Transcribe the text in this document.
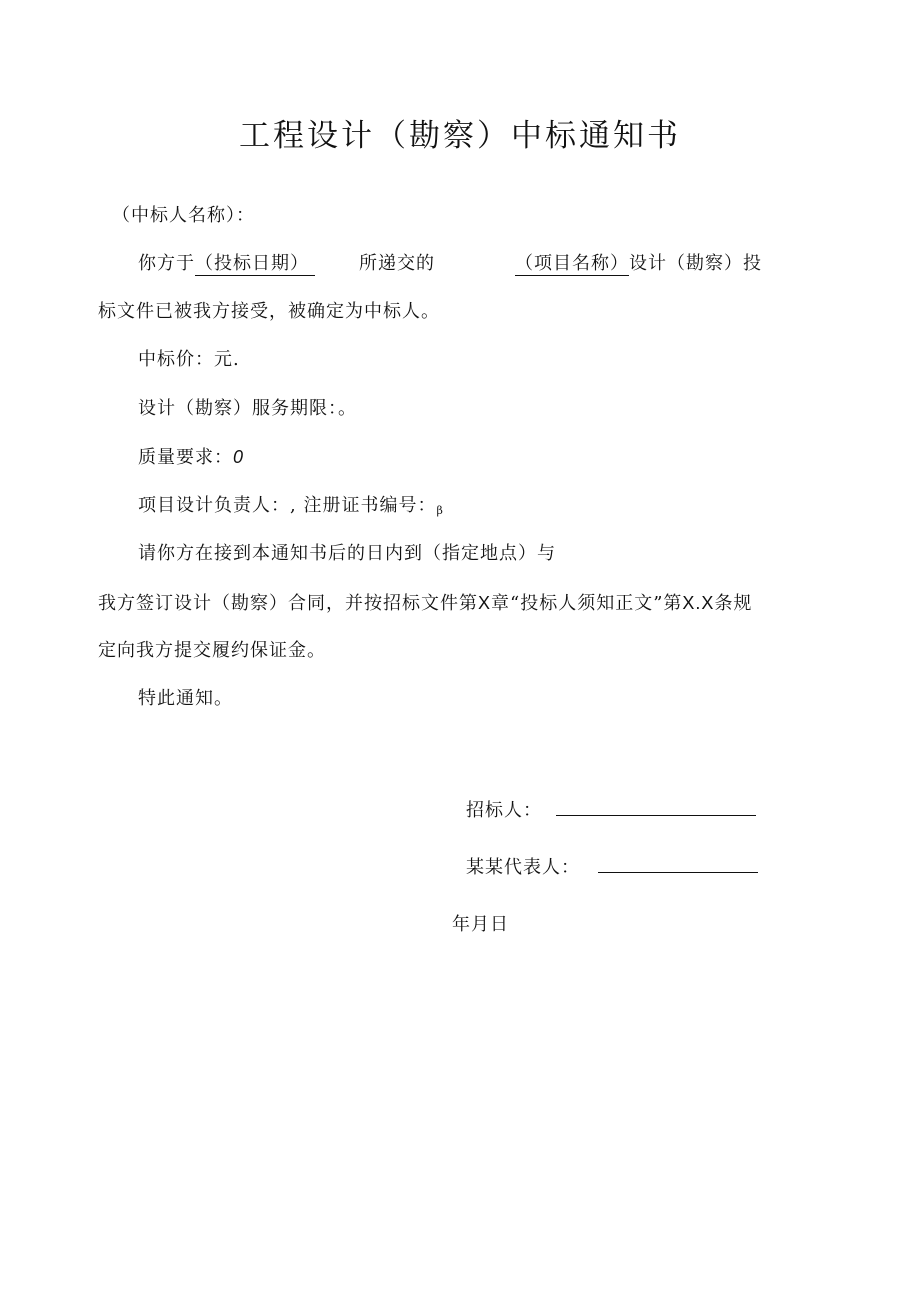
工程设计（勘察）中标通知书
（中标人名称）：
你方于（投标日期）	所递交的	（项目名称）设计（勘察）投
标文件已被我方接受，被确定为中标人。
中标价：元.
设计（勘察）服务期限：。
质量要求：0
项目设计负责人：, 注册证书编号：β
请你方在接到本通知书后的日内到（指定地点）与
我方签订设计（勘察）合同，并按招标文件第X章“投标人须知正文”第X.X条规
定向我方提交履约保证金。
特此通知。
招标人：
某某代表人：
年月日
